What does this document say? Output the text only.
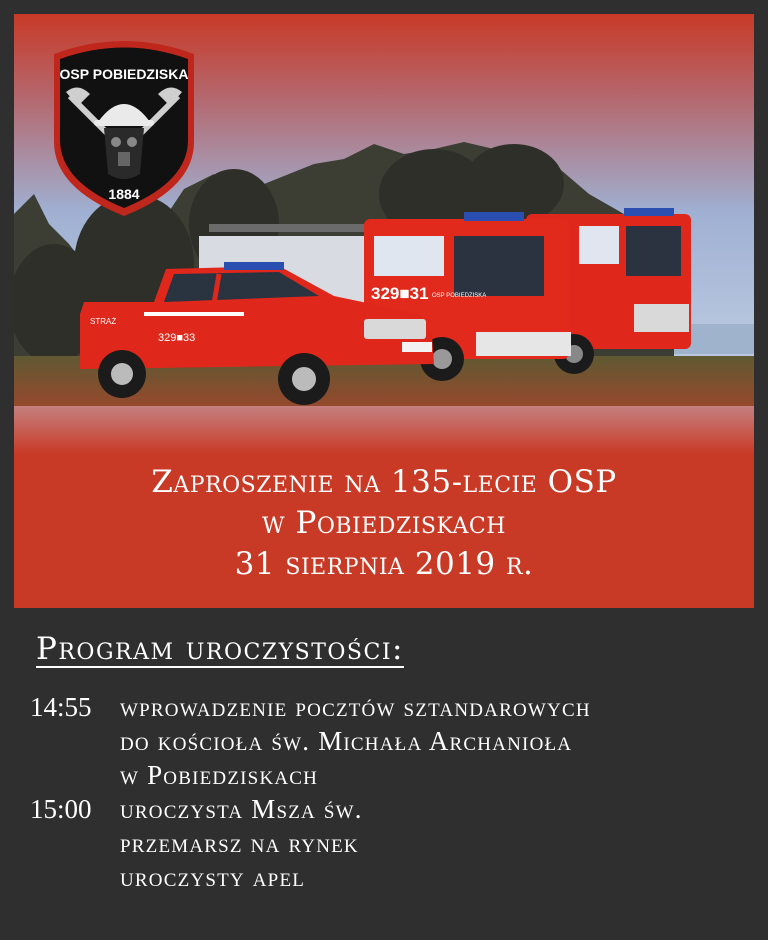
329■31 OSP POBIEDZISKA
STRAŻ
329■33
OSP POBIEDZISKA
1884
Zaproszenie na 135-lecie OSP
w Pobiedziskach
31 sierpnia 2019 r.
Program uroczystości:
14:55 wprowadzenie pocztów sztandarowych
do kościoła św. Michała Archanioła
w Pobiedziskach
15:00 uroczysta Msza św.
przemarsz na rynek
uroczysty apel
